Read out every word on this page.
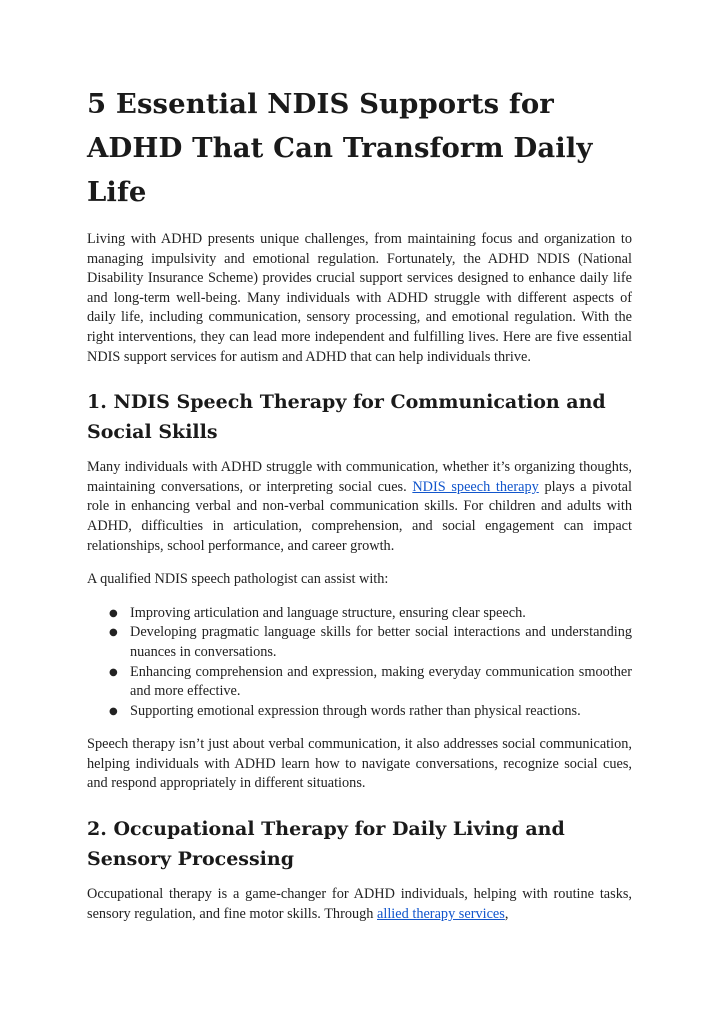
5 Essential NDIS Supports for ADHD That Can Transform Daily Life

Living with ADHD presents unique challenges, from maintaining focus and organization to managing impulsivity and emotional regulation. Fortunately, the ADHD NDIS (National Disability Insurance Scheme) provides crucial support services designed to enhance daily life and long-term well-being. Many individuals with ADHD struggle with different aspects of daily life, including communication, sensory processing, and emotional regulation. With the right interventions, they can lead more independent and fulfilling lives. Here are five essential NDIS support services for autism and ADHD that can help individuals thrive.

1. NDIS Speech Therapy for Communication and Social Skills

Many individuals with ADHD struggle with communication, whether it’s organizing thoughts, maintaining conversations, or interpreting social cues. NDIS speech therapy plays a pivotal role in enhancing verbal and non-verbal communication skills. For children and adults with ADHD, difficulties in articulation, comprehension, and social engagement can impact relationships, school performance, and career growth.

A qualified NDIS speech pathologist can assist with:

● Improving articulation and language structure, ensuring clear speech.
● Developing pragmatic language skills for better social interactions and understanding nuances in conversations.
● Enhancing comprehension and expression, making everyday communication smoother and more effective.
● Supporting emotional expression through words rather than physical reactions.

Speech therapy isn’t just about verbal communication, it also addresses social communication, helping individuals with ADHD learn how to navigate conversations, recognize social cues, and respond appropriately in different situations.

2. Occupational Therapy for Daily Living and Sensory Processing

Occupational therapy is a game-changer for ADHD individuals, helping with routine tasks, sensory regulation, and fine motor skills. Through allied therapy services,
